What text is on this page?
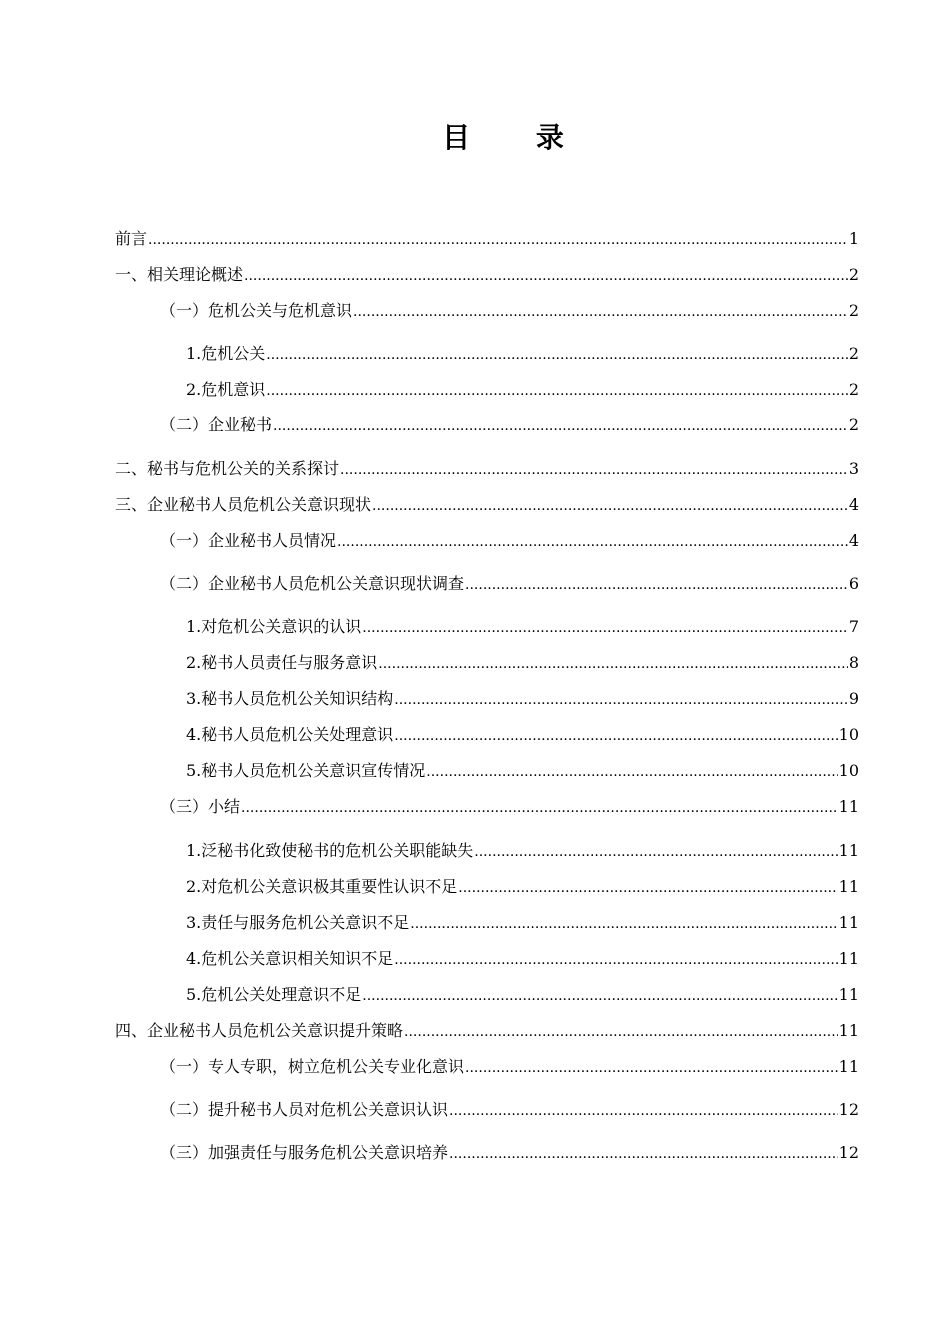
目 录
前言 .....	1
一、相关理论概述 .....	2
（一）危机公关与危机意识 .....	2
1.危机公关 .....	2
2.危机意识 .....	2
（二）企业秘书 .....	2
二、秘书与危机公关的关系探讨 .....	3
三、企业秘书人员危机公关意识现状 .....	4
（一）企业秘书人员情况 .....	4
（二）企业秘书人员危机公关意识现状调查 .....	6
1.对危机公关意识的认识 .....	7
2.秘书人员责任与服务意识 .....	8
3.秘书人员危机公关知识结构 .....	9
4.秘书人员危机公关处理意识 .....	10
5.秘书人员危机公关意识宣传情况 .....	10
（三）小结 .....	11
1.泛秘书化致使秘书的危机公关职能缺失 .....	11
2.对危机公关意识极其重要性认识不足 .....	11
3.责任与服务危机公关意识不足 .....	11
4.危机公关意识相关知识不足 .....	11
5.危机公关处理意识不足 .....	11
四、企业秘书人员危机公关意识提升策略 .....	11
（一）专人专职，树立危机公关专业化意识 .....	11
（二）提升秘书人员对危机公关意识认识 .....	12
（三）加强责任与服务危机公关意识培养 .....	12
